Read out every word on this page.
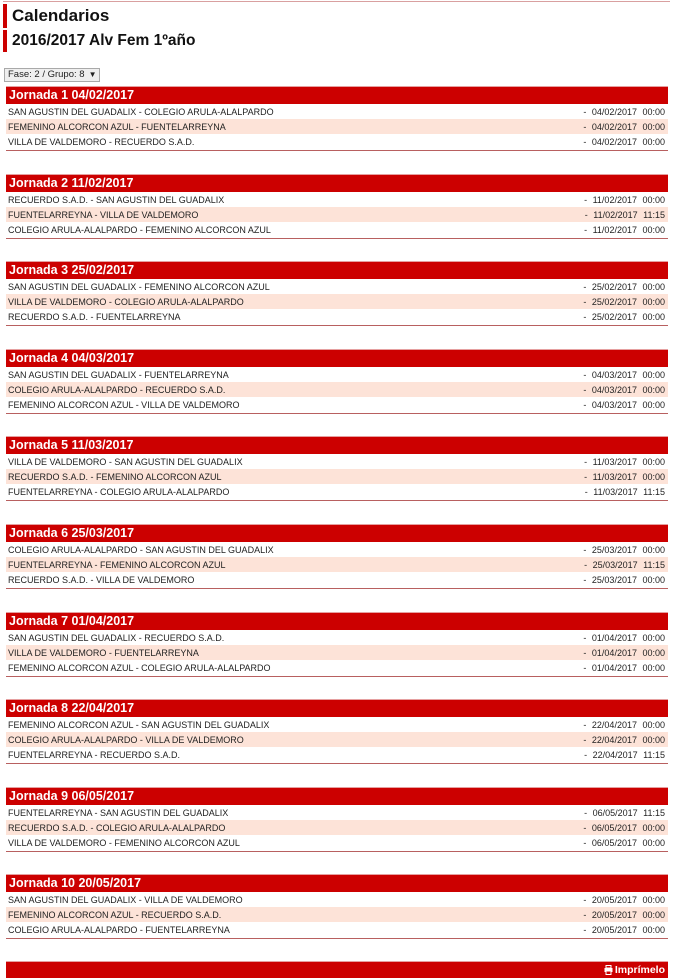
Calendarios
2016/2017 Alv Fem 1ºaño
Fase: 2 / Grupo: 8 ▼
Jornada 1 04/02/2017
SAN AGUSTIN DEL GUADALIX - COLEGIO ARULA-ALALPARDO	- 04/02/2017 00:00
FEMENINO ALCORCON AZUL - FUENTELARREYNA	- 04/02/2017 00:00
VILLA DE VALDEMORO - RECUERDO S.A.D.	- 04/02/2017 00:00
Jornada 2 11/02/2017
RECUERDO S.A.D. - SAN AGUSTIN DEL GUADALIX	- 11/02/2017 00:00
FUENTELARREYNA - VILLA DE VALDEMORO	- 11/02/2017 11:15
COLEGIO ARULA-ALALPARDO - FEMENINO ALCORCON AZUL	- 11/02/2017 00:00
Jornada 3 25/02/2017
SAN AGUSTIN DEL GUADALIX - FEMENINO ALCORCON AZUL	- 25/02/2017 00:00
VILLA DE VALDEMORO - COLEGIO ARULA-ALALPARDO	- 25/02/2017 00:00
RECUERDO S.A.D. - FUENTELARREYNA	- 25/02/2017 00:00
Jornada 4 04/03/2017
SAN AGUSTIN DEL GUADALIX - FUENTELARREYNA	- 04/03/2017 00:00
COLEGIO ARULA-ALALPARDO - RECUERDO S.A.D.	- 04/03/2017 00:00
FEMENINO ALCORCON AZUL - VILLA DE VALDEMORO	- 04/03/2017 00:00
Jornada 5 11/03/2017
VILLA DE VALDEMORO - SAN AGUSTIN DEL GUADALIX	- 11/03/2017 00:00
RECUERDO S.A.D. - FEMENINO ALCORCON AZUL	- 11/03/2017 00:00
FUENTELARREYNA - COLEGIO ARULA-ALALPARDO	- 11/03/2017 11:15
Jornada 6 25/03/2017
COLEGIO ARULA-ALALPARDO - SAN AGUSTIN DEL GUADALIX	- 25/03/2017 00:00
FUENTELARREYNA - FEMENINO ALCORCON AZUL	- 25/03/2017 11:15
RECUERDO S.A.D. - VILLA DE VALDEMORO	- 25/03/2017 00:00
Jornada 7 01/04/2017
SAN AGUSTIN DEL GUADALIX - RECUERDO S.A.D.	- 01/04/2017 00:00
VILLA DE VALDEMORO - FUENTELARREYNA	- 01/04/2017 00:00
FEMENINO ALCORCON AZUL - COLEGIO ARULA-ALALPARDO	- 01/04/2017 00:00
Jornada 8 22/04/2017
FEMENINO ALCORCON AZUL - SAN AGUSTIN DEL GUADALIX	- 22/04/2017 00:00
COLEGIO ARULA-ALALPARDO - VILLA DE VALDEMORO	- 22/04/2017 00:00
FUENTELARREYNA - RECUERDO S.A.D.	- 22/04/2017 11:15
Jornada 9 06/05/2017
FUENTELARREYNA - SAN AGUSTIN DEL GUADALIX	- 06/05/2017 11:15
RECUERDO S.A.D. - COLEGIO ARULA-ALALPARDO	- 06/05/2017 00:00
VILLA DE VALDEMORO - FEMENINO ALCORCON AZUL	- 06/05/2017 00:00
Jornada 10 20/05/2017
SAN AGUSTIN DEL GUADALIX - VILLA DE VALDEMORO	- 20/05/2017 00:00
FEMENINO ALCORCON AZUL - RECUERDO S.A.D.	- 20/05/2017 00:00
COLEGIO ARULA-ALALPARDO - FUENTELARREYNA	- 20/05/2017 00:00
Imprímelo
